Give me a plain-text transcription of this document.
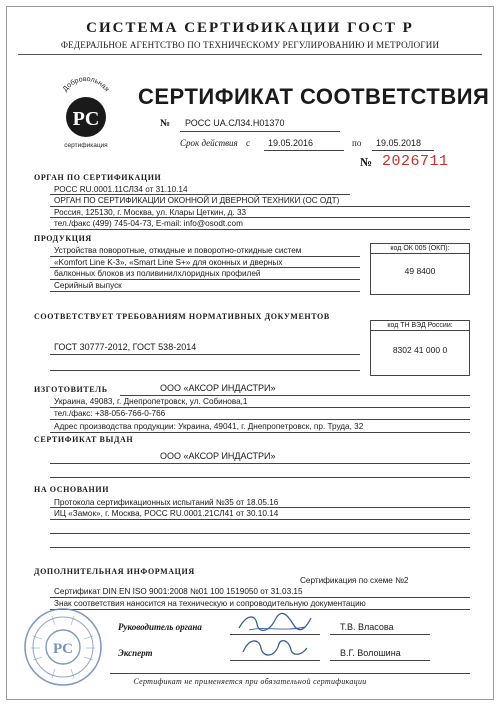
СИСТЕМА СЕРТИФИКАЦИИ ГОСТ Р
ФЕДЕРАЛЬНОЕ АГЕНТСТВО ПО ТЕХНИЧЕСКОМУ РЕГУЛИРОВАНИЮ И МЕТРОЛОГИИ
Добровольная
PC
сертификация
СЕРТИФИКАТ СООТВЕТСТВИЯ
№ РОСС UA.СЛ34.Н01370
Срок действия с 19.05.2016	по 19.05.2018
№ 2026711
ОРГАН ПО СЕРТИФИКАЦИИ
РОСС RU.0001.11СЛ34 от 31.10.14
ОРГАН ПО СЕРТИФИКАЦИИ ОКОННОЙ И ДВЕРНОЙ ТЕХНИКИ (ОС ОДТ)
Россия, 125130, г. Москва, ул. Клары Цеткин, д. 33
тел./факс (499) 745-04-73, E-mail: info@osodt.com
ПРОДУКЦИЯ
Устройства поворотные, откидные и поворотно-откидные систем
«Komfort Line K-3», «Smart Line S+» для оконных и дверных
балконных блоков из поливинилхлоридных профилей
Серийный выпуск
код ОК 005 (ОКП):
49 8400
СООТВЕТСТВУЕТ ТРЕБОВАНИЯМ НОРМАТИВНЫХ ДОКУМЕНТОВ
ГОСТ 30777-2012, ГОСТ 538-2014
код ТН ВЭД России:
8302 41 000 0
ИЗГОТОВИТЕЛЬ	ООО «АКСОР ИНДАСТРИ»
Украина, 49083, г. Днепропетровск, ул. Собинова,1
тел./факс: +38-056-766-0-766
Адрес производства продукции: Украина, 49041, г. Днепропетровск, пр. Труда, 32
СЕРТИФИКАТ ВЫДАН
ООО «АКСОР ИНДАСТРИ»
НА ОСНОВАНИИ
Протокола сертификационных испытаний №35 от 18.05.16
ИЦ «Замок», г. Москва, РОСС RU.0001.21СЛ41 от 30.10.14
ДОПОЛНИТЕЛЬНАЯ ИНФОРМАЦИЯ
Сертификация по схеме №2
Сертификат DIN EN ISO 9001:2008 №01 100 1519050 от 31.03.15
Знак соответствия наносится на техническую и сопроводительную документацию
PC
Руководитель органа	Т.В. Власова
Эксперт	В.Г. Волошина
Сертификат не применяется при обязательной сертификации
